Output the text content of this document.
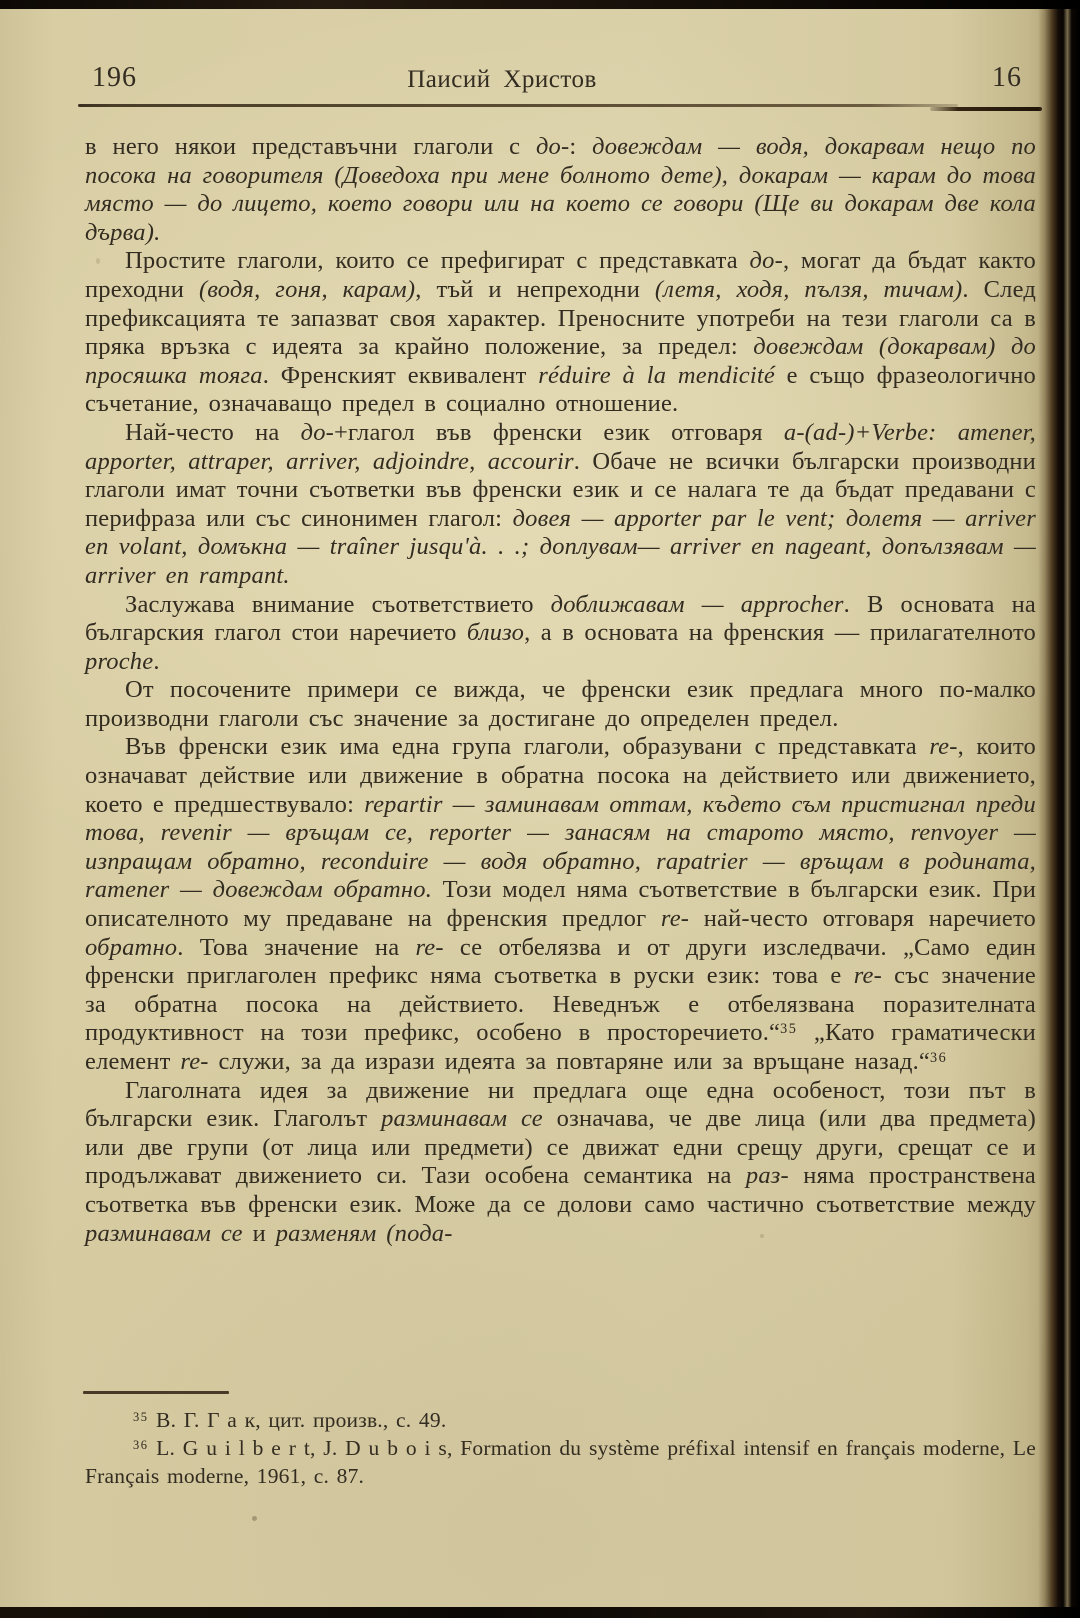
196	Паисий Христов	16

в него някои представъчни глаголи с до-: довеждам — водя, докарвам нещо по посока на говорителя (Доведоха при мене болното дете), докарам — карам до това място — до лицето, което говори или на което се говори (Ще ви докарам две кола дърва).

Простите глаголи, които се префигират с представката до-, могат да бъдат както преходни (водя, гоня, карам), тъй и непреходни (летя, ходя, пълзя, тичам). След префиксацията те запазват своя характер. Преносните употреби на тези глаголи са в пряка връзка с идеята за крайно положение, за предел: довеждам (докарвам) до просяшка тояга. Френският еквивалент réduire à la mendicité е също фразеологично съчетание, означаващо предел в социално отношение.

Най-често на до-+глагол във френски език отговаря a-(ad-)+Verbe: amener, apporter, attraper, arriver, adjoindre, accourir. Обаче не всички български производни глаголи имат точни съответки във френски език и се налага те да бъдат предавани с перифраза или със синонимен глагол: довея — apporter par le vent; долетя — arriver en volant, домъкна — traîner jusqu'à. . .; доплувам— arriver en nageant, допълзявам — arriver en rampant.

Заслужава внимание съответствието доближавам — approcher. В основата на българския глагол стои наречието близо, а в основата на френския — прилагателното proche.

От посочените примери се вижда, че френски език предлага много по-малко производни глаголи със значение за достигане до определен предел.

Във френски език има една група глаголи, образувани с представката re-, които означават действие или движение в обратна посока на действието или движението, което е предшествувало: repartir — заминавам оттам, където съм пристигнал преди това, revenir — връщам се, reporter — занасям на старото място, renvoyer — изпращам обратно, reconduire — водя обратно, rapatrier — връщам в родината, ramener — довеждам обратно. Този модел няма съответствие в български език. При описателното му предаване на френския предлог re- най-често отговаря наречието обратно. Това значение на re- се отбелязва и от други изследвачи. „Само един френски приглаголен префикс няма съответка в руски език: това е re- със значение за обратна посока на действието. Неведнъж е отбелязвана поразителната продуктивност на този префикс, особено в просторечието.“$^{35}$ „Като граматически елемент re- служи, за да изрази идеята за повтаряне или за връщане назад.“$^{36}$

Глаголната идея за движение ни предлага още една особеност, този път в български език. Глаголът разминавам се означава, че две лица (или два предмета) или две групи (от лица или предмети) се движат едни срещу други, срещат се и продължават движението си. Тази особена семантика на раз- няма пространствена съответка във френски език. Може да се долови само частично съответствие между разминавам се и разменям (пода-

$^{35}$ В. Г. Г а к, цит. произв., с. 49.

$^{36}$ L. G u i l b e r t, J. D u b o i s, Formation du système préfixal intensif en français moderne, Le Français moderne, 1961, с. 87.
